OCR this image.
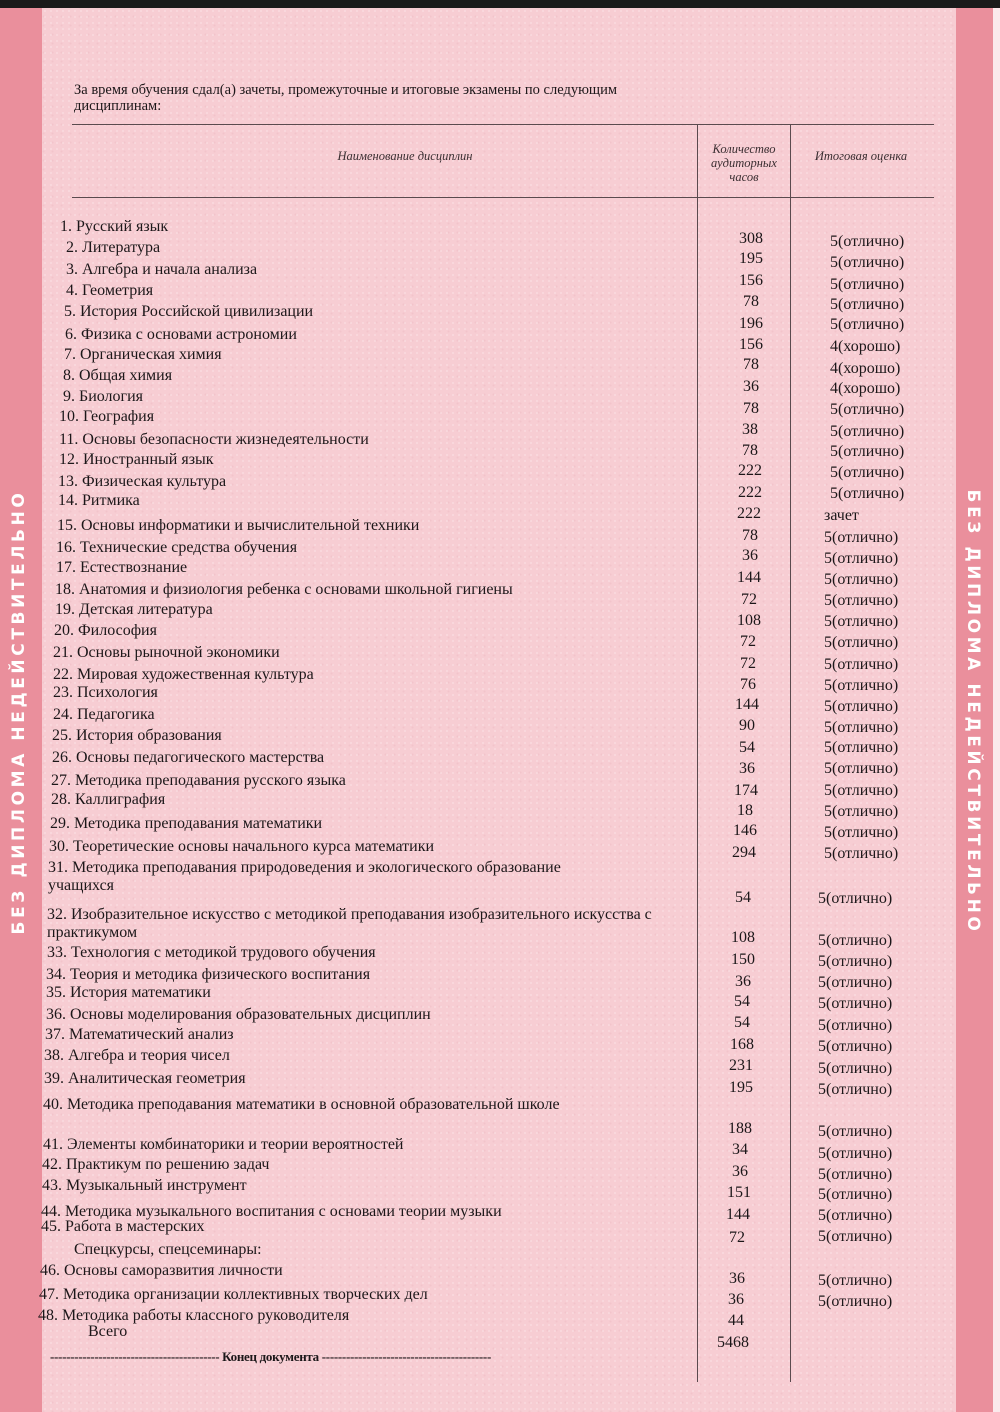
БЕЗ ДИПЛОМА НЕДЕЙСТВИТЕЛЬНО	БЕЗ ДИПЛОМА НЕДЕЙСТВИТЕЛЬНО
За время обучения сдал(а) зачеты, промежуточные и итоговые экзамены по следующим дисциплинам:
Наименование дисциплин	Количество аудиторных часов
Итоговая оценка
1. Русский язык
2. Литература
3. Алгебра и начала анализа
4. Геометрия
5. История Российской цивилизации
6. Физика с основами астрономии
7. Органическая химия
8. Общая химия
9. Биология
10. География
11. Основы безопасности жизнедеятельности
12. Иностранный язык
13. Физическая культура
14. Ритмика
15. Основы информатики и вычислительной техники
16. Технические средства обучения
17. Естествознание
18. Анатомия и физиология ребенка с основами школьной гигиены
19. Детская литература
20. Философия
21. Основы рыночной экономики
22. Мировая художественная культура
23. Психология
24. Педагогика
25. История образования
26. Основы педагогического мастерства
27. Методика преподавания русского языка
28. Каллиграфия
29. Методика преподавания математики
30. Теоретические основы начального курса математики
31. Методика преподавания природоведения и экологического образование учащихся
32. Изобразительное искусство с методикой преподавания изобразительного искусства с практикумом
33. Технология с методикой трудового обучения
34. Теория и методика физического воспитания
35. История математики
36. Основы моделирования образовательных дисциплин
37. Математический анализ
38. Алгебра и теория чисел
39. Аналитическая геометрия
40. Методика преподавания математики в основной образовательной школе
41. Элементы комбинаторики и теории вероятностей
42. Практикум по решению задач
43. Музыкальный инструмент
44. Методика музыкального воспитания с основами теории музыки
45. Работа в мастерских
Спецкурсы, спецсеминары:
46. Основы саморазвития личности
47. Методика организации коллективных творческих дел
48. Методика работы классного руководителя
Всего
308
195
156
78
196
156
78
36
78
38
78
222
222
222
78
36
144
72
108
72
72
76
144
90
54
36
174
18
146
294
54
108
150
36
54
54
168
231
195
188
34
36
151
144
72
36
36
44
5468
5(отлично)
5(отлично)
5(отлично)
5(отлично)
5(отлично)
4(хорошо)
4(хорошо)
4(хорошо)
5(отлично)
5(отлично)
5(отлично)
5(отлично)
5(отлично)
зачет
5(отлично)
5(отлично)
5(отлично)
5(отлично)
5(отлично)
5(отлично)
5(отлично)
5(отлично)
5(отлично)
5(отлично)
5(отлично)
5(отлично)
5(отлично)
5(отлично)
5(отлично)
5(отлично)
5(отлично)
5(отлично)
5(отлично)
5(отлично)
5(отлично)
5(отлично)
5(отлично)
5(отлично)
5(отлично)
5(отлично)
5(отлично)
5(отлично)
5(отлично)
5(отлично)
5(отлично)
5(отлично)
5(отлично)
------------------------------------------ Конец документа ------------------------------------------
